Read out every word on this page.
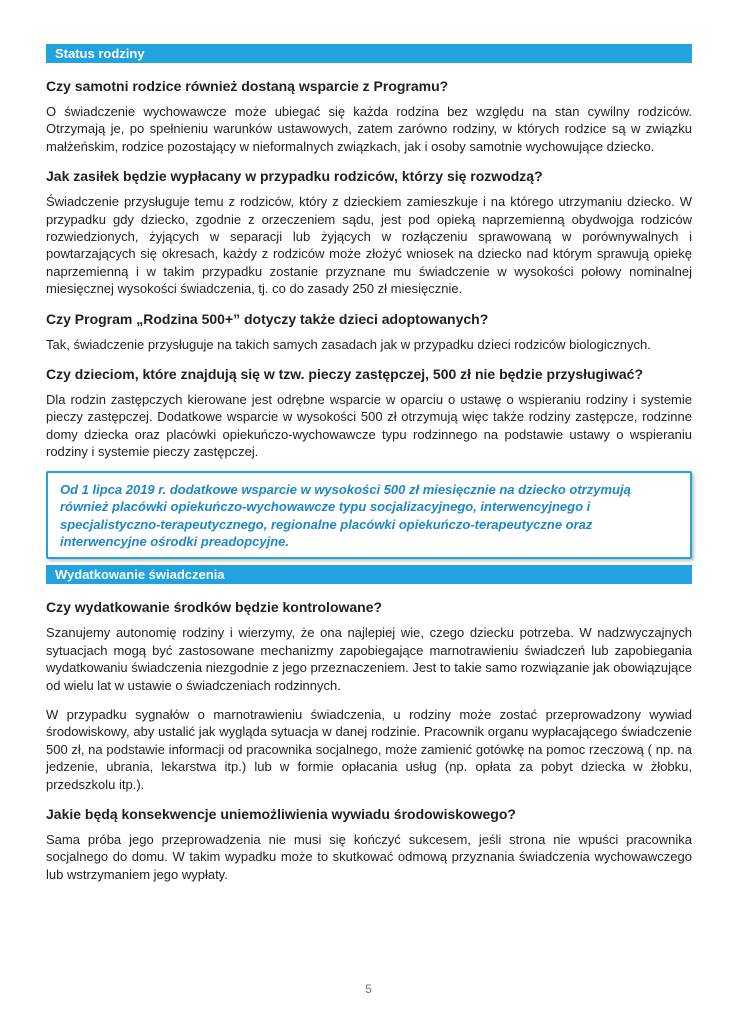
Status rodziny
Czy samotni rodzice również dostaną wsparcie z Programu?

O świadczenie wychowawcze może ubiegać się każda rodzina bez względu na stan cywilny rodziców. Otrzymają je, po spełnieniu warunków ustawowych, zatem zarówno rodziny, w których rodzice są w związku małżeńskim, rodzice pozostający w nieformalnych związkach, jak i osoby samotnie wychowujące dziecko.

Jak zasiłek będzie wypłacany w przypadku rodziców, którzy się rozwodzą?

Świadczenie przysługuje temu z rodziców, który z dzieckiem zamieszkuje i na którego utrzymaniu dziecko. W przypadku gdy dziecko, zgodnie z orzeczeniem sądu, jest pod opieką naprzemienną obydwojga rodziców rozwiedzionych, żyjących w separacji lub żyjących w rozłączeniu sprawowaną w porównywalnych i powtarzających się okresach, każdy z rodziców może złożyć wniosek na dziecko nad którym sprawują opiekę naprzemienną i w takim przypadku zostanie przyznane mu świadczenie w wysokości połowy nominalnej miesięcznej wysokości świadczenia, tj. co do zasady 250 zł miesięcznie.

Czy Program „Rodzina 500+” dotyczy także dzieci adoptowanych?

Tak, świadczenie przysługuje na takich samych zasadach jak w przypadku dzieci rodziców biologicznych.

Czy dzieciom, które znajdują się w tzw. pieczy zastępczej, 500 zł nie będzie przysługiwać?

Dla rodzin zastępczych kierowane jest odrębne wsparcie w oparciu o ustawę o wspieraniu rodziny i systemie pieczy zastępczej. Dodatkowe wsparcie w wysokości 500 zł otrzymują więc także rodziny zastępcze, rodzinne domy dziecka oraz placówki opiekuńczo-wychowawcze typu rodzinnego na podstawie ustawy o wspieraniu rodziny i systemie pieczy zastępczej.

Od 1 lipca 2019 r. dodatkowe wsparcie w wysokości 500 zł miesięcznie na dziecko otrzymują również placówki opiekuńczo-wychowawcze typu socjalizacyjnego, interwencyjnego i specjalistyczno-terapeutycznego, regionalne placówki opiekuńczo-terapeutyczne oraz interwencyjne ośrodki preadopcyjne.
Wydatkowanie świadczenia
Czy wydatkowanie środków będzie kontrolowane?

Szanujemy autonomię rodziny i wierzymy, że ona najlepiej wie, czego dziecku potrzeba. W nadzwyczajnych sytuacjach mogą być zastosowane mechanizmy zapobiegające marnotrawieniu świadczeń lub zapobiegania wydatkowaniu świadczenia niezgodnie z jego przeznaczeniem. Jest to takie samo rozwiązanie jak obowiązujące od wielu lat w ustawie o świadczeniach rodzinnych.

W przypadku sygnałów o marnotrawieniu świadczenia, u rodziny może zostać przeprowadzony wywiad środowiskowy, aby ustalić jak wygląda sytuacja w danej rodzinie. Pracownik organu wypłacającego świadczenie 500 zł, na podstawie informacji od pracownika socjalnego, może zamienić gotówkę na pomoc rzeczową ( np. na jedzenie, ubrania, lekarstwa itp.) lub w formie opłacania usług (np. opłata za pobyt dziecka w żłobku, przedszkolu itp.).

Jakie będą konsekwencje uniemożliwienia wywiadu środowiskowego?

Sama próba jego przeprowadzenia nie musi się kończyć sukcesem, jeśli strona nie wpuści pracownika socjalnego do domu. W takim wypadku może to skutkować odmową przyznania świadczenia wychowawczego lub wstrzymaniem jego wypłaty.

5
